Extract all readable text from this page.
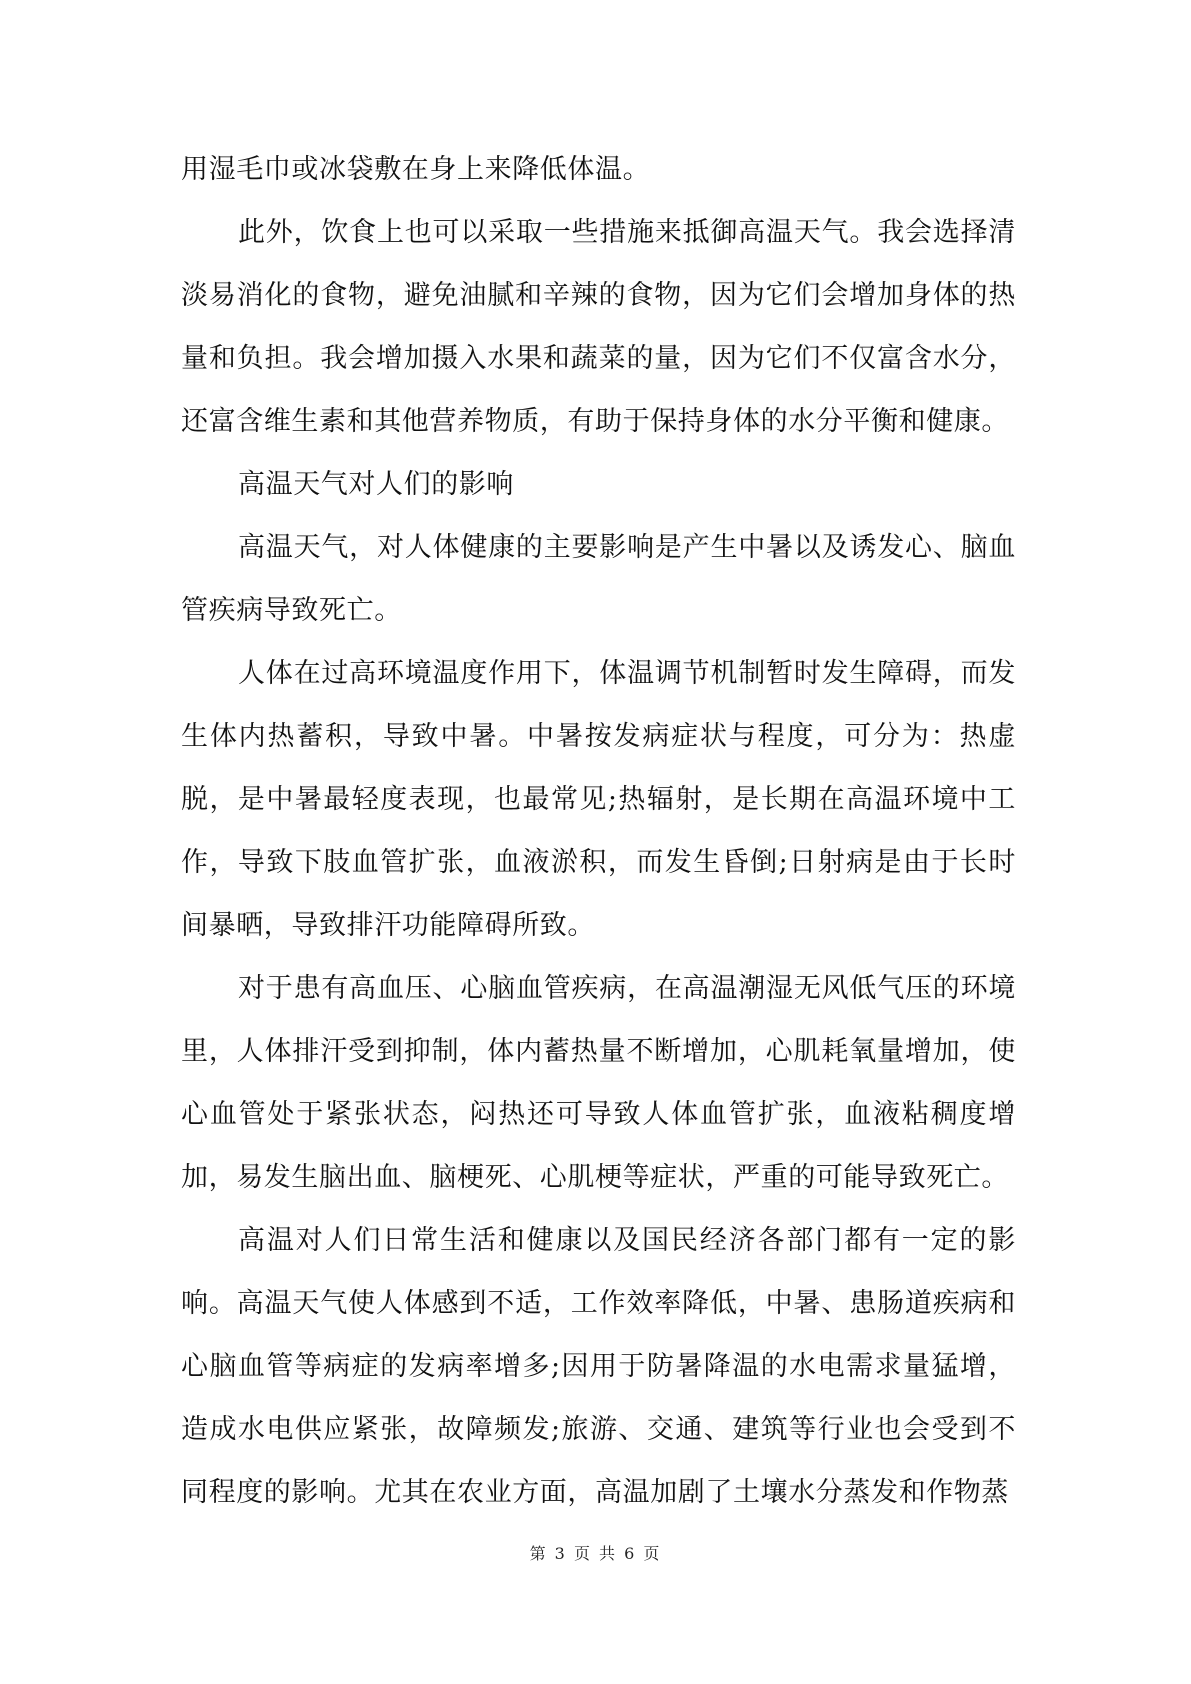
用湿毛巾或冰袋敷在身上来降低体温。

此外，饮食上也可以采取一些措施来抵御高温天气。我会选择清淡易消化的食物，避免油腻和辛辣的食物，因为它们会增加身体的热量和负担。我会增加摄入水果和蔬菜的量，因为它们不仅富含水分，还富含维生素和其他营养物质，有助于保持身体的水分平衡和健康。

高温天气对人们的影响

高温天气，对人体健康的主要影响是产生中暑以及诱发心、脑血管疾病导致死亡。

人体在过高环境温度作用下，体温调节机制暂时发生障碍，而发生体内热蓄积，导致中暑。中暑按发病症状与程度，可分为：热虚脱，是中暑最轻度表现，也最常见;热辐射，是长期在高温环境中工作，导致下肢血管扩张，血液淤积，而发生昏倒;日射病是由于长时间暴晒，导致排汗功能障碍所致。

对于患有高血压、心脑血管疾病，在高温潮湿无风低气压的环境里，人体排汗受到抑制，体内蓄热量不断增加，心肌耗氧量增加，使心血管处于紧张状态，闷热还可导致人体血管扩张，血液粘稠度增加，易发生脑出血、脑梗死、心肌梗等症状，严重的可能导致死亡。

高温对人们日常生活和健康以及国民经济各部门都有一定的影响。高温天气使人体感到不适，工作效率降低，中暑、患肠道疾病和心脑血管等病症的发病率增多;因用于防暑降温的水电需求量猛增，造成水电供应紧张，故障频发;旅游、交通、建筑等行业也会受到不同程度的影响。尤其在农业方面，高温加剧了土壤水分蒸发和作物蒸

第 3 页 共 6 页
